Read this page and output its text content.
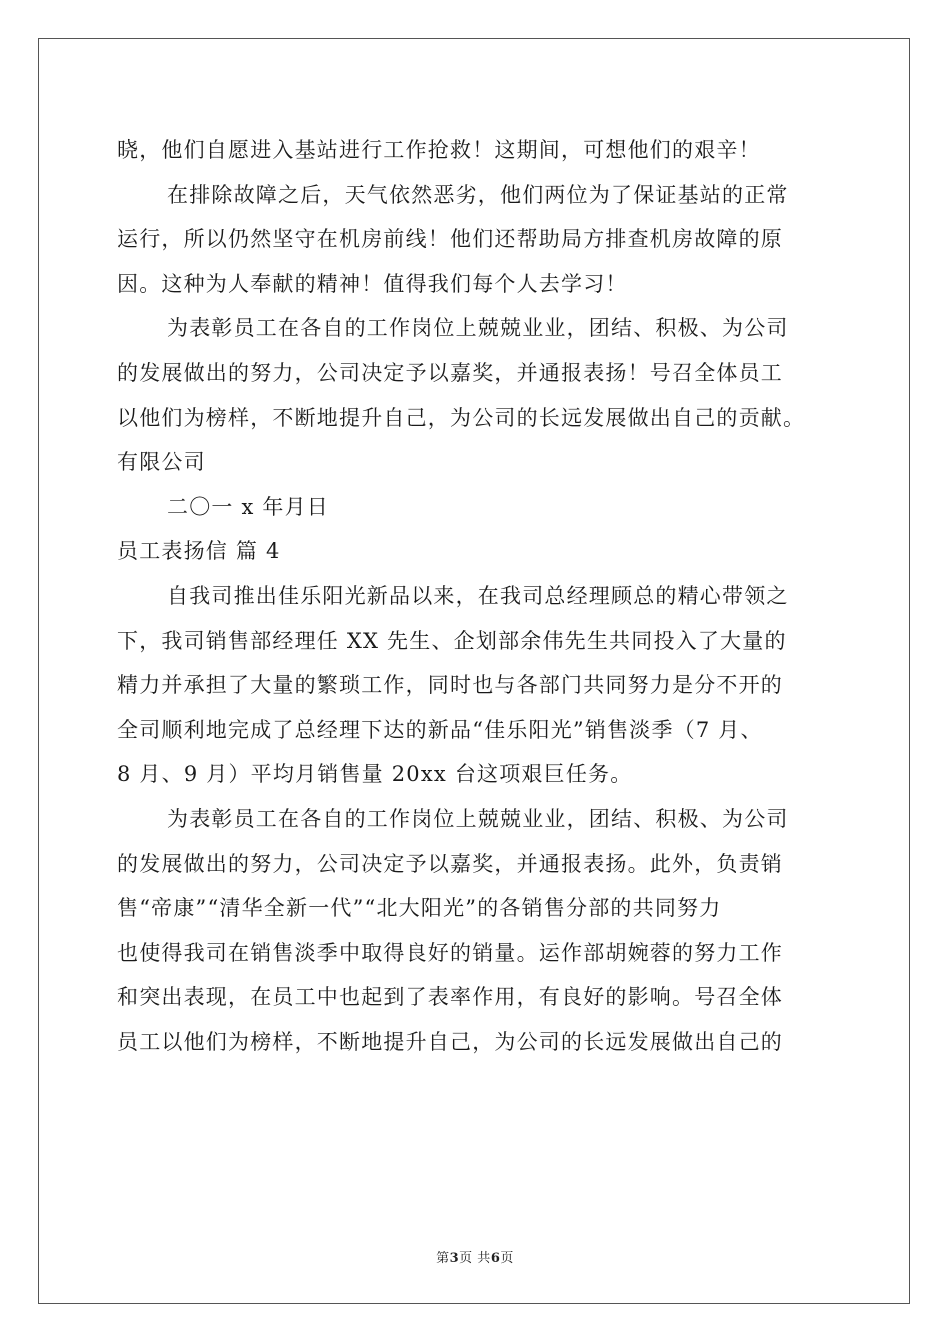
晓，他们自愿进入基站进行工作抢救！这期间，可想他们的艰辛！
在排除故障之后，天气依然恶劣，他们两位为了保证基站的正常
运行，所以仍然坚守在机房前线！他们还帮助局方排查机房故障的原
因。这种为人奉献的精神！值得我们每个人去学习！
为表彰员工在各自的工作岗位上兢兢业业，团结、积极、为公司
的发展做出的努力，公司决定予以嘉奖，并通报表扬！号召全体员工
以他们为榜样，不断地提升自己，为公司的长远发展做出自己的贡献。
有限公司
二〇一 x 年月日
员工表扬信 篇 4
自我司推出佳乐阳光新品以来，在我司总经理顾总的精心带领之
下，我司销售部经理任 XX 先生、企划部余伟先生共同投入了大量的
精力并承担了大量的繁琐工作，同时也与各部门共同努力是分不开的
全司顺利地完成了总经理下达的新品“佳乐阳光”销售淡季（7 月、
8 月、9 月）平均月销售量 20xx 台这项艰巨任务。
为表彰员工在各自的工作岗位上兢兢业业，团结、积极、为公司
的发展做出的努力，公司决定予以嘉奖，并通报表扬。此外，负责销
售“帝康”“清华全新一代”“北大阳光”的各销售分部的共同努力
也使得我司在销售淡季中取得良好的销量。运作部胡婉蓉的努力工作
和突出表现，在员工中也起到了表率作用，有良好的影响。号召全体
员工以他们为榜样，不断地提升自己，为公司的长远发展做出自己的
第3页 共6页
